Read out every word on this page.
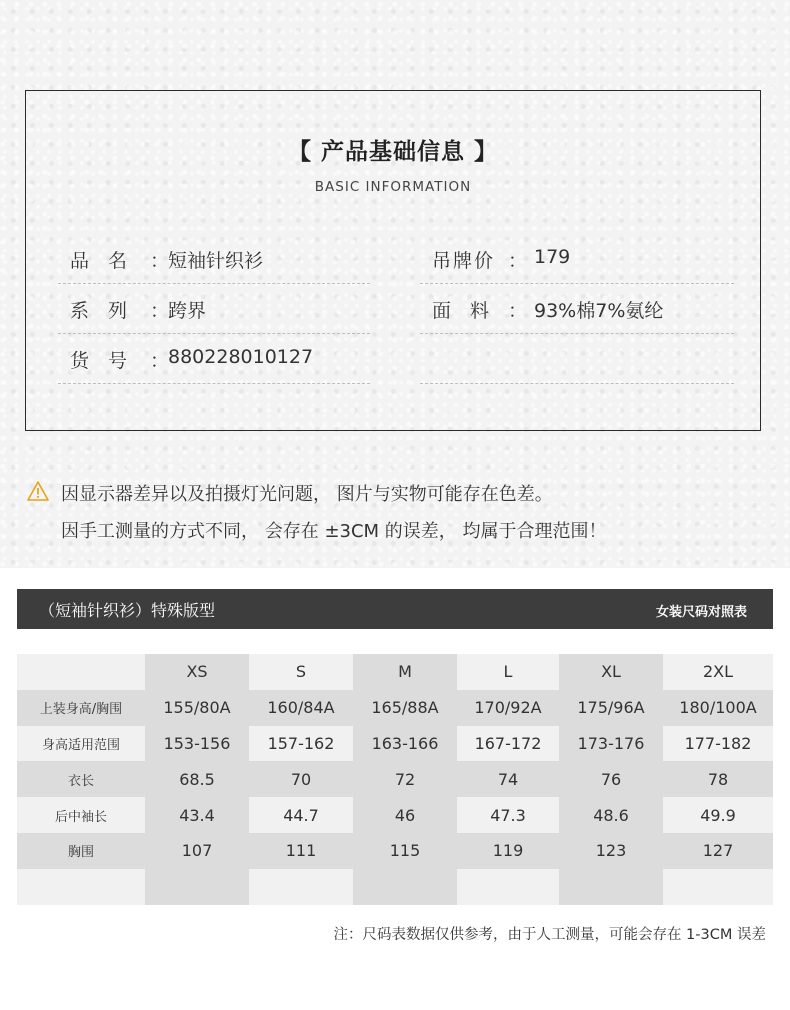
【 产品基础信息 】
BASIC INFORMATION
品　名 ：
短袖针织衫
系　列 ：
跨界
货　号 ：
880228010127
吊牌价 ： 179
面　料 ： 93%棉7%氨纶
因显示器差异以及拍摄灯光问题， 图片与实物可能存在色差。
因手工测量的方式不同， 会存在 ±3CM 的误差， 均属于合理范围！
（短袖针织衫）特殊版型	女装尺码对照表
	XS	S	M	L	XL	2XL
上装身高/胸围	155/80A	160/84A	165/88A	170/92A	175/96A	180/100A
身高适用范围	153-156	157-162	163-166	167-172	173-176	177-182
衣长	68.5	70	72	74	76	78
后中袖长	43.4	44.7	46	47.3	48.6	49.9
胸围	107	111	115	119	123	127

注：尺码表数据仅供参考，由于人工测量，可能会存在 1-3CM 误差
